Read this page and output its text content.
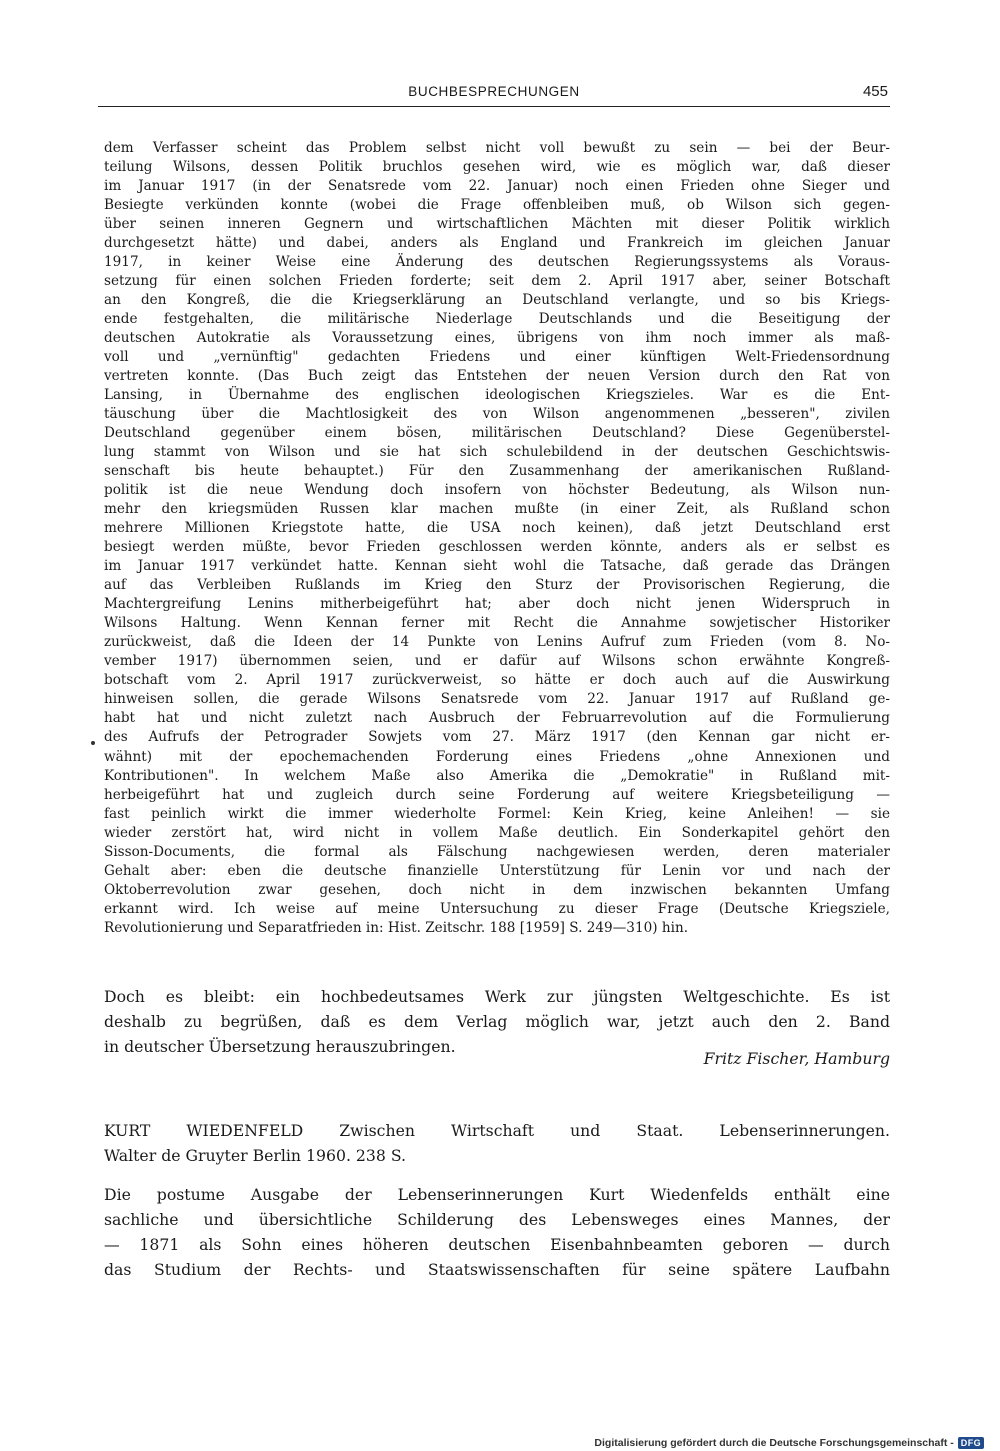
BUCHBESPRECHUNGEN	455
dem Verfasser scheint das Problem selbst nicht voll bewußt zu sein — bei der Beur-
teilung Wilsons, dessen Politik bruchlos gesehen wird, wie es möglich war, daß dieser
im Januar 1917 (in der Senatsrede vom 22. Januar) noch einen Frieden ohne Sieger und
Besiegte verkünden konnte (wobei die Frage offenbleiben muß, ob Wilson sich gegen-
über seinen inneren Gegnern und wirtschaftlichen Mächten mit dieser Politik wirklich
durchgesetzt hätte) und dabei, anders als England und Frankreich im gleichen Januar
1917, in keiner Weise eine Änderung des deutschen Regierungssystems als Voraus-
setzung für einen solchen Frieden forderte; seit dem 2. April 1917 aber, seiner Botschaft
an den Kongreß, die die Kriegserklärung an Deutschland verlangte, und so bis Kriegs-
ende festgehalten, die militärische Niederlage Deutschlands und die Beseitigung der
deutschen Autokratie als Voraussetzung eines, übrigens von ihm noch immer als maß-
voll und „vernünftig" gedachten Friedens und einer künftigen Welt-Friedensordnung
vertreten konnte. (Das Buch zeigt das Entstehen der neuen Version durch den Rat von
Lansing, in Übernahme des englischen ideologischen Kriegszieles. War es die Ent-
täuschung über die Machtlosigkeit des von Wilson angenommenen „besseren", zivilen
Deutschland gegenüber einem bösen, militärischen Deutschland? Diese Gegenüberstel-
lung stammt von Wilson und sie hat sich schulebildend in der deutschen Geschichtswis-
senschaft bis heute behauptet.) Für den Zusammenhang der amerikanischen Rußland-
politik ist die neue Wendung doch insofern von höchster Bedeutung, als Wilson nun-
mehr den kriegsmüden Russen klar machen mußte (in einer Zeit, als Rußland schon
mehrere Millionen Kriegstote hatte, die USA noch keinen), daß jetzt Deutschland erst
besiegt werden müßte, bevor Frieden geschlossen werden könnte, anders als er selbst es
im Januar 1917 verkündet hatte. Kennan sieht wohl die Tatsache, daß gerade das Drängen
auf das Verbleiben Rußlands im Krieg den Sturz der Provisorischen Regierung, die
Machtergreifung Lenins mitherbeigeführt hat; aber doch nicht jenen Widerspruch in
Wilsons Haltung. Wenn Kennan ferner mit Recht die Annahme sowjetischer Historiker
zurückweist, daß die Ideen der 14 Punkte von Lenins Aufruf zum Frieden (vom 8. No-
vember 1917) übernommen seien, und er dafür auf Wilsons schon erwähnte Kongreß-
botschaft vom 2. April 1917 zurückverweist, so hätte er doch auch auf die Auswirkung
hinweisen sollen, die gerade Wilsons Senatsrede vom 22. Januar 1917 auf Rußland ge-
habt hat und nicht zuletzt nach Ausbruch der Februarrevolution auf die Formulierung
des Aufrufs der Petrograder Sowjets vom 27. März 1917 (den Kennan gar nicht er-
wähnt) mit der epochemachenden Forderung eines Friedens „ohne Annexionen und
Kontributionen". In welchem Maße also Amerika die „Demokratie" in Rußland mit-
herbeigeführt hat und zugleich durch seine Forderung auf weitere Kriegsbeteiligung —
fast peinlich wirkt die immer wiederholte Formel: Kein Krieg, keine Anleihen! — sie
wieder zerstört hat, wird nicht in vollem Maße deutlich. Ein Sonderkapitel gehört den
Sisson-Documents, die formal als Fälschung nachgewiesen werden, deren materialer
Gehalt aber: eben die deutsche finanzielle Unterstützung für Lenin vor und nach der
Oktoberrevolution zwar gesehen, doch nicht in dem inzwischen bekannten Umfang
erkannt wird. Ich weise auf meine Untersuchung zu dieser Frage (Deutsche Kriegsziele,
Revolutionierung und Separatfrieden in: Hist. Zeitschr. 188 [1959] S. 249—310) hin.
Doch es bleibt: ein hochbedeutsames Werk zur jüngsten Weltgeschichte. Es ist
deshalb zu begrüßen, daß es dem Verlag möglich war, jetzt auch den 2. Band
in deutscher Übersetzung herauszubringen.
Fritz Fischer, Hamburg
KURT WIEDENFELD Zwischen Wirtschaft und Staat. Lebenserinnerungen.
Walter de Gruyter Berlin 1960. 238 S.
Die postume Ausgabe der Lebenserinnerungen Kurt Wiedenfelds enthält eine
sachliche und übersichtliche Schilderung des Lebensweges eines Mannes, der
— 1871 als Sohn eines höheren deutschen Eisenbahnbeamten geboren — durch
das Studium der Rechts- und Staatswissenschaften für seine spätere Laufbahn
Digitalisierung gefördert durch die Deutsche Forschungsgemeinschaft - DFG
